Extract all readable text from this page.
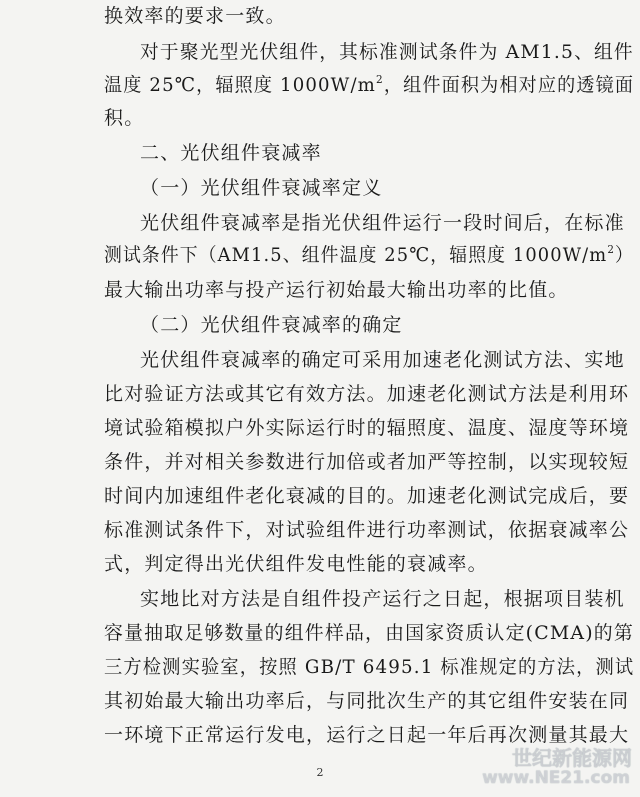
换效率的要求一致。
对于聚光型光伏组件，其标准测试条件为 AM1.5、组件
温度 25℃，辐照度 $1000W/m^2$，组件面积为相对应的透镜面
积。
二、光伏组件衰减率
（一）光伏组件衰减率定义
光伏组件衰减率是指光伏组件运行一段时间后，在标准
测试条件下（AM1.5、组件温度 25℃，辐照度 $1000W/m^2$）
最大输出功率与投产运行初始最大输出功率的比值。
（二）光伏组件衰减率的确定
光伏组件衰减率的确定可采用加速老化测试方法、实地
比对验证方法或其它有效方法。加速老化测试方法是利用环
境试验箱模拟户外实际运行时的辐照度、温度、湿度等环境
条件，并对相关参数进行加倍或者加严等控制，以实现较短
时间内加速组件老化衰减的目的。加速老化测试完成后，要
标准测试条件下，对试验组件进行功率测试，依据衰减率公
式，判定得出光伏组件发电性能的衰减率。
实地比对方法是自组件投产运行之日起，根据项目装机
容量抽取足够数量的组件样品，由国家资质认定(CMA)的第
三方检测实验室，按照 GB/T 6495.1 标准规定的方法，测试
其初始最大输出功率后，与同批次生产的其它组件安装在同
一环境下正常运行发电，运行之日起一年后再次测量其最大
2
世纪新能源网
www.NE21.com
